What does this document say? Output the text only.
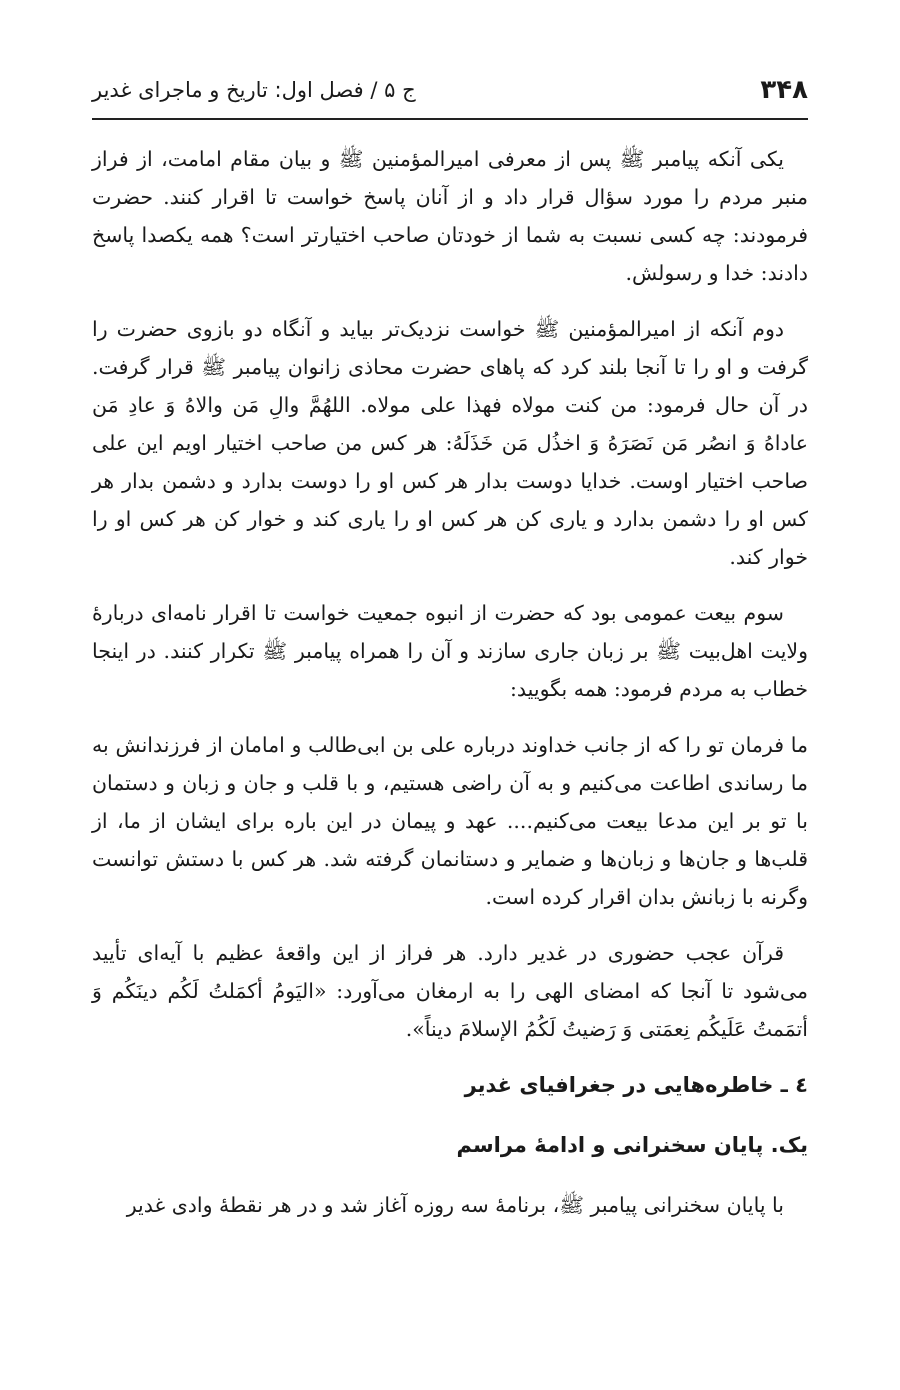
۳۴۸
ج ۵ / فصل اول: تاریخ و ماجرای غدیر

یکی آنکه پیامبر ﷺ پس از معرفی امیرالمؤمنین ﷺ و بیان مقام امامت، از فراز منبر مردم را مورد سؤال قرار داد و از آنان پاسخ خواست تا اقرار کنند. حضرت فرمودند: چه کسی نسبت به شما از خودتان صاحب اختیارتر است؟ همه یکصدا پاسخ دادند: خدا و رسولش.

دوم آنکه از امیرالمؤمنین ﷺ خواست نزدیک‌تر بیاید و آنگاه دو بازوی حضرت را گرفت و او را تا آنجا بلند کرد که پاهای حضرت محاذی زانوان پیامبر ﷺ قرار گرفت. در آن حال فرمود: من کنت مولاه فهذا علی مولاه. اللهُمَّ والِ مَن والاهُ وَ عادِ مَن عاداهُ وَ انصُر مَن نَصَرَهُ وَ اخذُل مَن خَذَلَهُ: هر کس من صاحب اختیار اویم این علی صاحب اختیار اوست. خدایا دوست بدار هر کس او را دوست بدارد و دشمن بدار هر کس او را دشمن بدارد و یاری کن هر کس او را یاری کند و خوار کن هر کس او را خوار کند.

سوم بیعت عمومی بود که حضرت از انبوه جمعیت خواست تا اقرار نامه‌ای دربارۀ ولایت اهل‌بیت ﷺ بر زبان جاری سازند و آن را همراه پیامبر ﷺ تکرار کنند. در اینجا خطاب به مردم فرمود: همه بگویید:

ما فرمان تو را که از جانب خداوند درباره علی بن ابی‌طالب و امامان از فرزندانش به ما رساندی اطاعت می‌کنیم و به آن راضی هستیم، و با قلب و جان و زبان و دستمان با تو بر این مدعا بیعت می‌کنیم.... عهد و پیمان در این باره برای ایشان از ما، از قلب‌ها و جان‌ها و زبان‌ها و ضمایر و دستانمان گرفته شد. هر کس با دستش توانست وگرنه با زبانش بدان اقرار کرده است.

قرآن عجب حضوری در غدیر دارد. هر فراز از این واقعۀ عظیم با آیه‌ای تأیید می‌شود تا آنجا که امضای الهی را به ارمغان می‌آورد: «الیَومُ أکمَلتُ لَکُم دینَکُم وَ أتمَمتُ عَلَیکُم نِعمَتی وَ رَضیتُ لَکُمُ الإسلامَ دیناً».

٤ ـ خاطره‌هایی در جغرافیای غدیر
یک. پایان سخنرانی و ادامۀ مراسم

با پایان سخنرانی پیامبر ﷺ، برنامۀ سه روزه آغاز شد و در هر نقطۀ وادی غدیر
